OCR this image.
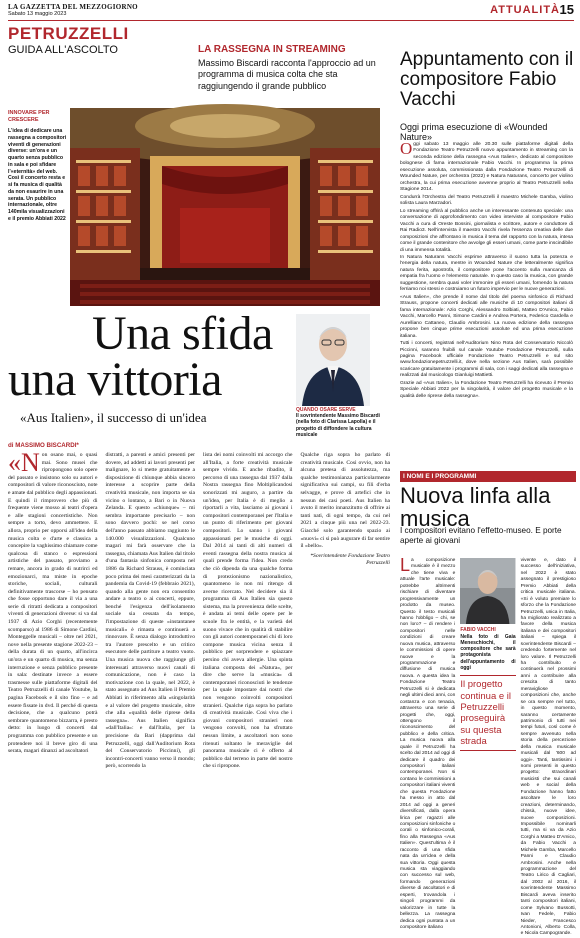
LA GAZZETTA DEL MEZZOGIORNO
Sabato 13 maggio 2023	ATTUALITÀ 15
PETRUZZELLI
GUIDA ALL'ASCOLTO
INNOVARE PER CRESCERE
L'idea di dedicare una rassegna a compositori viventi di generazioni diverse: un'ora e un quarto senza pubblico in sala e poi sfidare l'«eternità» del web. Così il concerto resta e si fa musica di qualità da non esaurire in una serata. Un pubblico internazionale, oltre 140mila visualizzazioni e il premio Abbiati 2022
LA RASSEGNA IN STREAMING
Massimo Biscardi racconta l'approccio ad un programma di musica colta che sta raggiungendo il grande pubblico
Appuntamento con il compositore Fabio Vacchi
Oggi prima esecuzione di «Wounded Nature»

Oggi sabato 13 maggio alle 20.30 sulle piattaforme digitali della Fondazione Teatro Petruzzelli nuovo appuntamento in streaming con la seconda edizione della rassegna «Aus Italien», dedicato al compositore bolognese di fama internazionale Fabio Vacchi. In programma la prima esecuzione assoluta, commissionata dalla Fondazione Teatro Petruzzelli di Wounded Nature, per orchestra (2022) e Natura Naturans, concerto per violino orchestra, la cui prima esecuzione avvenne proprio al Teatro Petruzzelli nella Stagione 2014.

Condurrà l'Orchestra del Teatro Petruzzelli il maestro Michele Gamba, violino solista Laura Marzadori.

Lo streaming offrirà al pubblico anche un interessante contenuto speciale: una conversazione di approfondimento con video interviste al compositore Fabio Vacchi a cura di Oreste Bossini, giornalista e scrittore, autore e conduttore di Rai Radio3. Nell'intervista il maestro Vacchi rivela l'essenza creativa delle due composizioni che affrontano in musica il tema del rapporto con la natura, intesa come il grande contenitore che avvolge gli esseri umani, come parte inscindibile di una immensa totalità.

In Natura Naturans Vacchi esprime attraverso il suono tutta la potenza e l'energia della natura, mentre in Wounded Nature che letteralmente significa natura ferita, apostrofa, il compositore pone l'accento sulla mancanza di empatia fra l'uomo e l'elemento naturale. In questo caso la musica, con grande suggestione, sembra quasi voler immonire gli esseri umani, fornendo la natura ferriamo noi stessi e costruiamo un futuro impervio per le nuove generazioni.

«Aus Italien», che prende il nome dal titolo del poema sinfonico di Richard Strauss, propone concerti dedicati alle musiche di 10 compositori italiani di fama internazionale: Azio Corghi, Alessandro Solbiati, Matteo D'Amico, Fabio Vacchi, Marcello Panni, Simone Cardini e Andrea Portera, Federico Gardella e Aurelliano Cattaneo, Claudio Ambrosini. La nuova edizione della rassegna propone ben cinque prime esecuzioni assolute ed una prima esecuzione italiana.

Tutti i concerti, registrati nell'Auditorium Nino Rota del Conservatorio Niccolò Piccinni, saranno fruibili sul canale Youtube Fondazione Petruzzelli, sulla pagina Facebook ufficiale Fondazione Teatro Petruzzelli e sul sito www.fondazionepetruzzelli.it, dove nella sezione Aus Italien, sarà possibile scaricare gratuitamente i programmi di sala, con i saggi dedicati alla rassegna e realizzati dal musicologo Gianluigi Mattietti.

Grazie ad «Aus Italien», la Fondazione Teatro Petruzzelli ha ricevuto il Premio Speciale Abbiati 2022 per la singolarità, il valore del progetto musicale e la qualità delle riprese della rassegna».

Una sfida
una vittoria
«Aus Italien», il successo di un'idea	QUANDO OSARE SERVE
Il sovrintendente Massimo Biscardi (nella foto di Clarissa Lapolla) e il progetto di diffondere la cultura musicale
di MASSIMO BISCARDI*
«Non osano mai, o quasi mai. Sono musei che ripropongono solo opere del passato e insistono solo su autori e compositori di valore riconosciuto, note e amate dal pubblico degli appassionati. E quindi il rimprovero che più di frequente viene mosso ai teatri d'opera e alle stagioni concertistiche. Non sempre a torto, devo ammettere. E allora, proprio per opporsi all'idea della musica colta e d'arte e classica a concepire la vaghissimo chiamare come qualcosa di stanco o espressioni artistiche del passato, proviamo a remare, ancora in grado di nutrirci ed emozionarci, ma miste in epoche storiche, sociali, culturali definitivamente trascorse – ho pensato che fosse opportuno dare il via a una serie di ritratti dedicata a compositori viventi di generazioni diverse: si va dal 1937 di Azio Corghi (recentemente scomparso) al 1986 di Simone Cardini, Monteggelle musicali – oltre nel 2021, nove nella presente stagione 2022-23 – della durata di un quarto, all'incirca un'ora e un quarto di musica, ma senza interruzione e senza pubblico presente in sala: destinate invece a essere trasmesse sulle piattaforme digitali del Teatro Petruzzelli di canale Youtube, la pagina Facebook e il sito fino – e ad essere fissate in dvd. Il perché di questa decisione, che a qualcuno potrà sembrare quantomeno bizzarra, è presto detto: in luogo di concerti dal programma con pubblico presente e un protendere noi il breve giro di una serata, magari dinanzi ad ascoltatori
distratti, a parenti e amici presenti per dovere, ad addetti ai lavori presenti per malignare, lo si mette gratuitamente a disposizione di chiunque abbia sincero interesse a scoprire parte della creatività musicale, non importa se sia vicino o lontano, a Bari o in Nuova Zelanda. E questo «chiunque» – mi sembra importante precisarlo – non sono davvero pochi: se nel corso dell'anno passato abbiamo raggiunto le 140.000 visualizzazioni. Qualcuno magari mi farà osservare che la rassegna, chiamata Aus Italien dal titolo d'una fantasia sinfonica composta nel 1886 da Richard Strauss, è cominciata poco prima dei mesi caratterizzati da la pandemia da Covid-19 (febbraio 2021), quando alla gente non era consentito andare a teatro o ai concerti, eppure, benché l'esigenza dell'isolamento sociale sia cessata da tempo, l'impostazione di queste «instantanee musicali» è rimasta e continuerà a rinnovare. È senza dialogo introduttivo tra l'autore prescelto e un critico esecutore delle partiture a teatro vuoto. Una musica nuova che raggiunge gli interessati attraverso nuovi canali di comunicazione, non è caso la motivazione con la quale, nel 2022, è stato assegnato ad Aus Italien il Premio Abbiati in riferimento alla «singolarità e al valore del progetto musicale, oltre che alla «qualità delle riprese della rassegna». Aus Italien significa «dall'Italia»: e dall'Italia, per la precisione da Bari (dapprima dal Petruzzelli, oggi dall'Auditorium Rota del Conservatorio Piccinni), gli incontri-concerti vanno verso il mondo; però, scorrendo la
lista dei nomi coinvolti mi accorgo che all'Italia, a forte creatività musicale sempre vivido. E anche ribadito, il percorso di una rassegna dal 1937 dalla Nostra rassegna fino Moltiplicandosi sonorizzati mi auguro, a partire da un'idea, per Italia è di meglio a riportarli a vita, lasciamo ai giovani i compositori contemporanei per l'Italia e un punto di riferimento per giovani compositori. Lo sanno i giovani appassionati per le musiche di oggi. Dal 2014 ai tanti di alti numeri di eventi rassegna della nostra musica ai quali prende forma l'idea. Non credo che ciò dipenda da una qualche forma di protezionismo nazionalistico, quantomeno io non mi ritengo di averne ricercato. Nel decidere sia il programma di Aus Italien sia questo sistema, ma la provenienza delle scelte, è andata ai temi delle opere per le scuole fra le entità, e la varietà del suono vivace che in qualità di stabilire con gli autori contemporanei chi di loro compone musica vicina senza il pubblico per sorprendere e spiazzare persino chi aveva allergie. Una spinta italiana composta dei «Natura», per dire che serve la «musica» di contemporanei riconosciuti le tendenze per la quale impostare dai nostri che non vengono coinvolti compositori stranieri. Qualche riga sopra ho parlato di creatività musicale. Così viva che i giovani compositori stranieri non vengono convolti, non ha sfruttato nessun limite, a ascoltatori non sono ritenuti soltanto le meraviglie del panorama musicale ci è offerto al pubblico dal terreno in parte del nostro che si ripropone.
Qualche riga sopra ho parlato di creatività musicale. Così ovvio, non ha alcuna pretesa di assolutezza, ma qualche testimonianza particolarmente significativa sui campi, su fili d'erba selvagge, e prove di artefici che in nessun dei casi poeti. Aus Italien ha avuto il merito innanzitutto di offrire ai tanti nati, di ogni tempo, da cui nel 2021 a cinque più una nel 2022-23. Giacché solo garantendo spazio ai «nuovi» ci si può augurare di far sentire il «bello».
*Sovrintendente Fondazione Teatro Petruzzelli
I NOMI E I PROGRAMMI
Nuova linfa alla musica
I compositori evitano l'effetto-museo. E porte aperte ai giovani
La composizione musicale è il mezzo che tiene viva e attuale l'arte musicale: potrebbe altrimenti rischiare di diventare progressivamente un prodotto da museo. Questo il testo musicali hanno l'obbligo – chi, se non loro? – di rendere i compositori nelle condizioni di creare nuova musica, attraverso le commissioni di opere nuove e la programmazione e diffusione di musica nuova. A questa idea la Fondazione Teatro Petruzzelli si è dedicata negli ultimi dieci anni, con costanza e con tenacia, attraverso una serie di progetti che, oggi, ottengono il riconoscimento del pubblico e della critica. La musica nuova alla quale il Petruzzelli ha scelto dal 2014 ad oggi di dedicare il quadro dei compositori italiani contemporanei. Non si contano le commissioni a compositori italiani viventi che questa Fondazione ha messo in atto dal 2014 ad oggi a generi diversificati, dalla opera lirica per ragazzi alle composizioni sinfoniche o corali o sinfonico-corali, fino alla Rassegna «Aus Italien». Quest'ultima è il racconto di una sfida nata da un'idea e della sua vittoria. Oggi questa musica sta viaggiando con successo sul web, formando generazioni diverse di ascoltatori e di esperti, trovandola i singoli programmi da valorizzare in tutte la bellezza. La rassegna dedica ogni puntata a un compositore italiano
FABIO VACCHI
Nella foto di Gaia Meneschiochi, il compositore che sarà protagonista dell'appuntamento di oggi
Il progetto continua e il Petruzzelli proseguirà su questa strada
vivente e, dato il successo dell'iniziativa, nel 2022 è stato assegnato il prestigioso Premio Abbiati della critica musicale italiana. «Si è voluto premiare lo sforzo che la Fondazione Petruzzelli, unica in Italia, ha migliorato realizzato a favore della musica italiana e dei compositori italiani – spiega il sovrintendente Biscardi – credendo fortemente nel loro valore. Il Petruzzelli ha contribuito e continuerà nel prossimi anni a contribuire alla crescita di tanto meravigliose composizioni che, anche se ora sempre nel tutto, in questo momento, saranno certamente patrimonio di tutti nei tempi futuri, così come è sempre avvenuto nella storia della percezione della musica musicale musicali dal '600 ad oggi». Tanti, tantissimi i nomi presenti in questo progetto: straordinari musicisti che sui canali web e social della Fondazione hanno fatto ascoltare le loro creazioni, determinando, chissà, nuove idee, nuove composizioni. Impossibile nominarli tutti, ma si va da Azio Corghi a Matteo D'Amico, da Fabio Vacchi a Michele Gamba, Marcello Panni e Claudio Ambrosini. Anche nella programmazione del Teatro Lirico di Cagliari, dal 2002 al 2016, il sovrintendente Massimo Biscardi aveva inserito tanti compositori italiani, come Sylvano Bussotti, Ivan Fedele, Fabio Nieder, Francesco Antonioni, Alberto Colla, e Nicola Campogrande.
